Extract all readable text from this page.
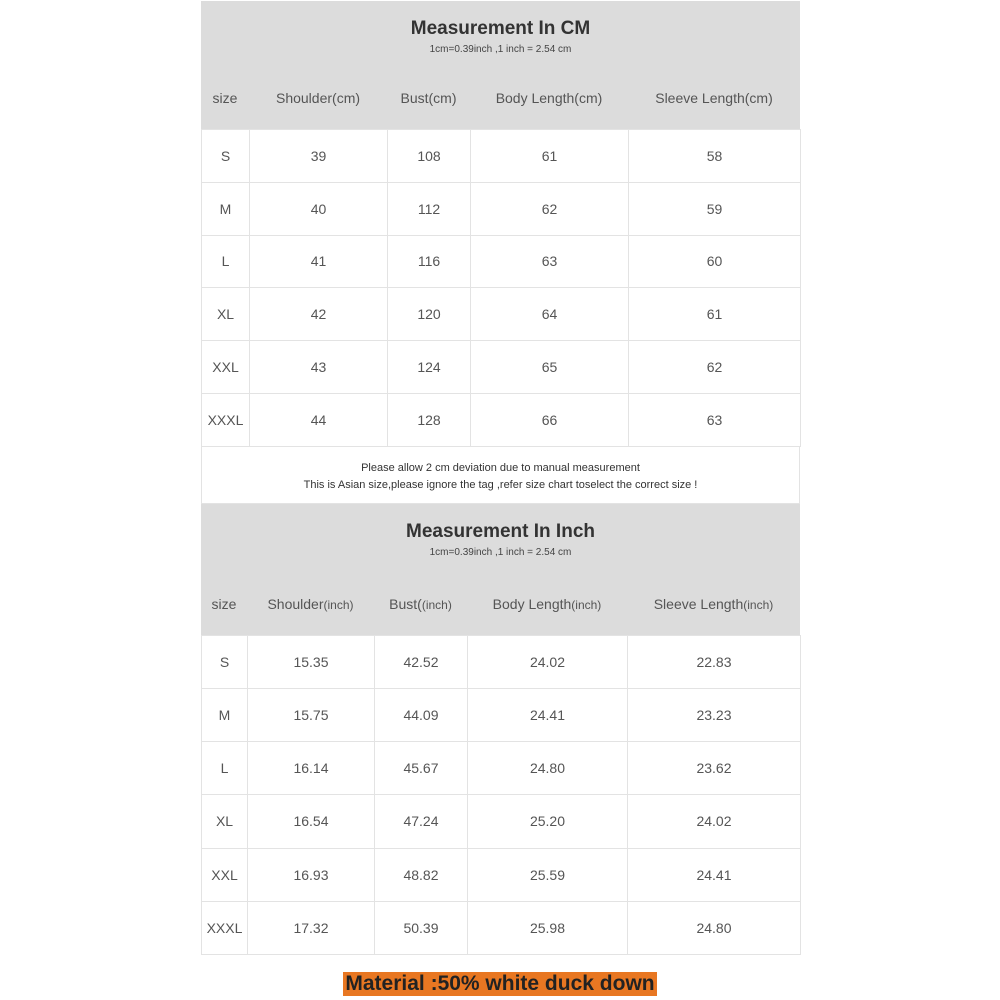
Measurement In CM
1cm=0.39inch ,1 inch = 2.54 cm
size	Shoulder(cm)	Bust(cm)	Body Length(cm)	Sleeve Length(cm)
S	39	108	61	58
M	40	112	62	59
L	41	116	63	60
XL	42	120	64	61
XXL	43	124	65	62
XXXL	44	128	66	63
Please allow 2 cm deviation due to manual measurement
This is Asian size,please ignore the tag ,refer size chart toselect the correct size !
Measurement In Inch
1cm=0.39inch ,1 inch = 2.54 cm
size	Shoulder(inch)	Bust((inch)	Body Length(inch)	Sleeve Length(inch)
S	15.35	42.52	24.02	22.83
M	15.75	44.09	24.41	23.23
L	16.14	45.67	24.80	23.62
XL	16.54	47.24	25.20	24.02
XXL	16.93	48.82	25.59	24.41
XXXL	17.32	50.39	25.98	24.80
Material :50% white duck down
